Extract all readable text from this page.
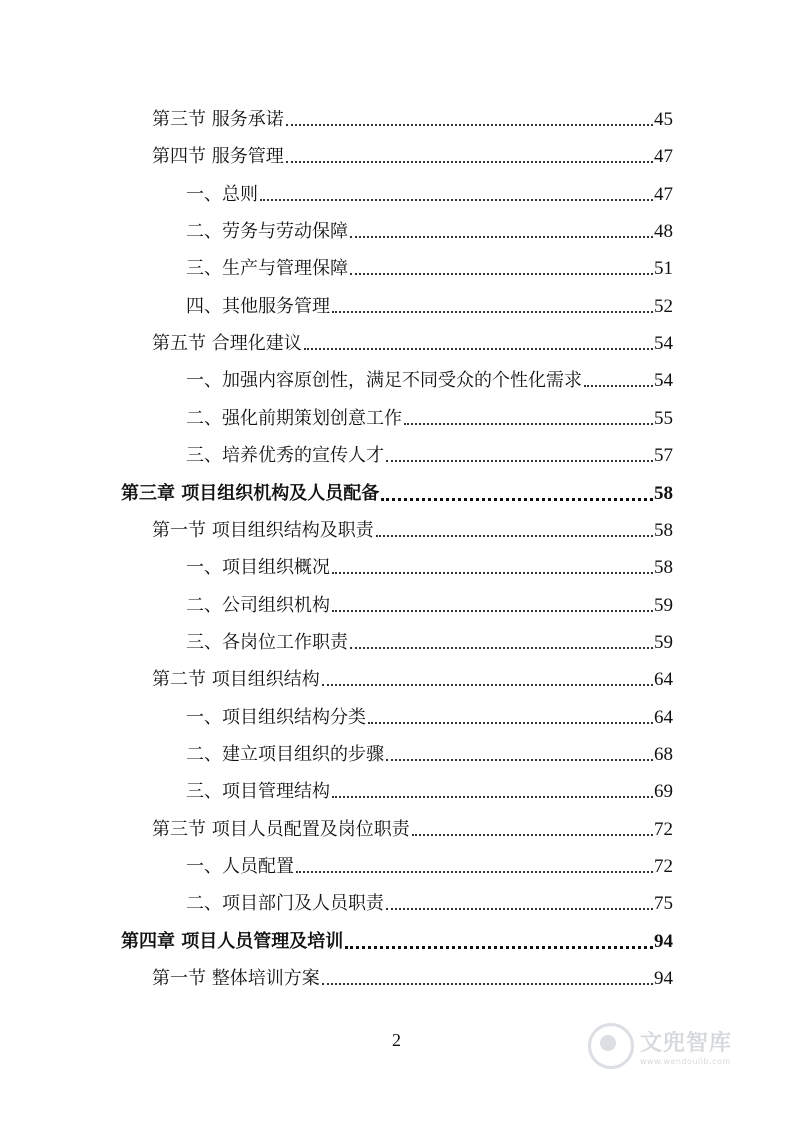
第三节 服务承诺	45
第四节 服务管理	47
一、总则	47
二、劳务与劳动保障	48
三、生产与管理保障	51
四、其他服务管理	52
第五节 合理化建议	54
一、加强内容原创性，满足不同受众的个性化需求	54
二、强化前期策划创意工作	55
三、培养优秀的宣传人才	57
第三章 项目组织机构及人员配备	58
第一节 项目组织结构及职责	58
一、项目组织概况	58
二、公司组织机构	59
三、各岗位工作职责	59
第二节 项目组织结构	64
一、项目组织结构分类	64
二、建立项目组织的步骤	68
三、项目管理结构	69
第三节 项目人员配置及岗位职责	72
一、人员配置	72
二、项目部门及人员职责	75
第四章 项目人员管理及培训	94
第一节 整体培训方案	94
2	文兜智库
www.wendoulib.com
